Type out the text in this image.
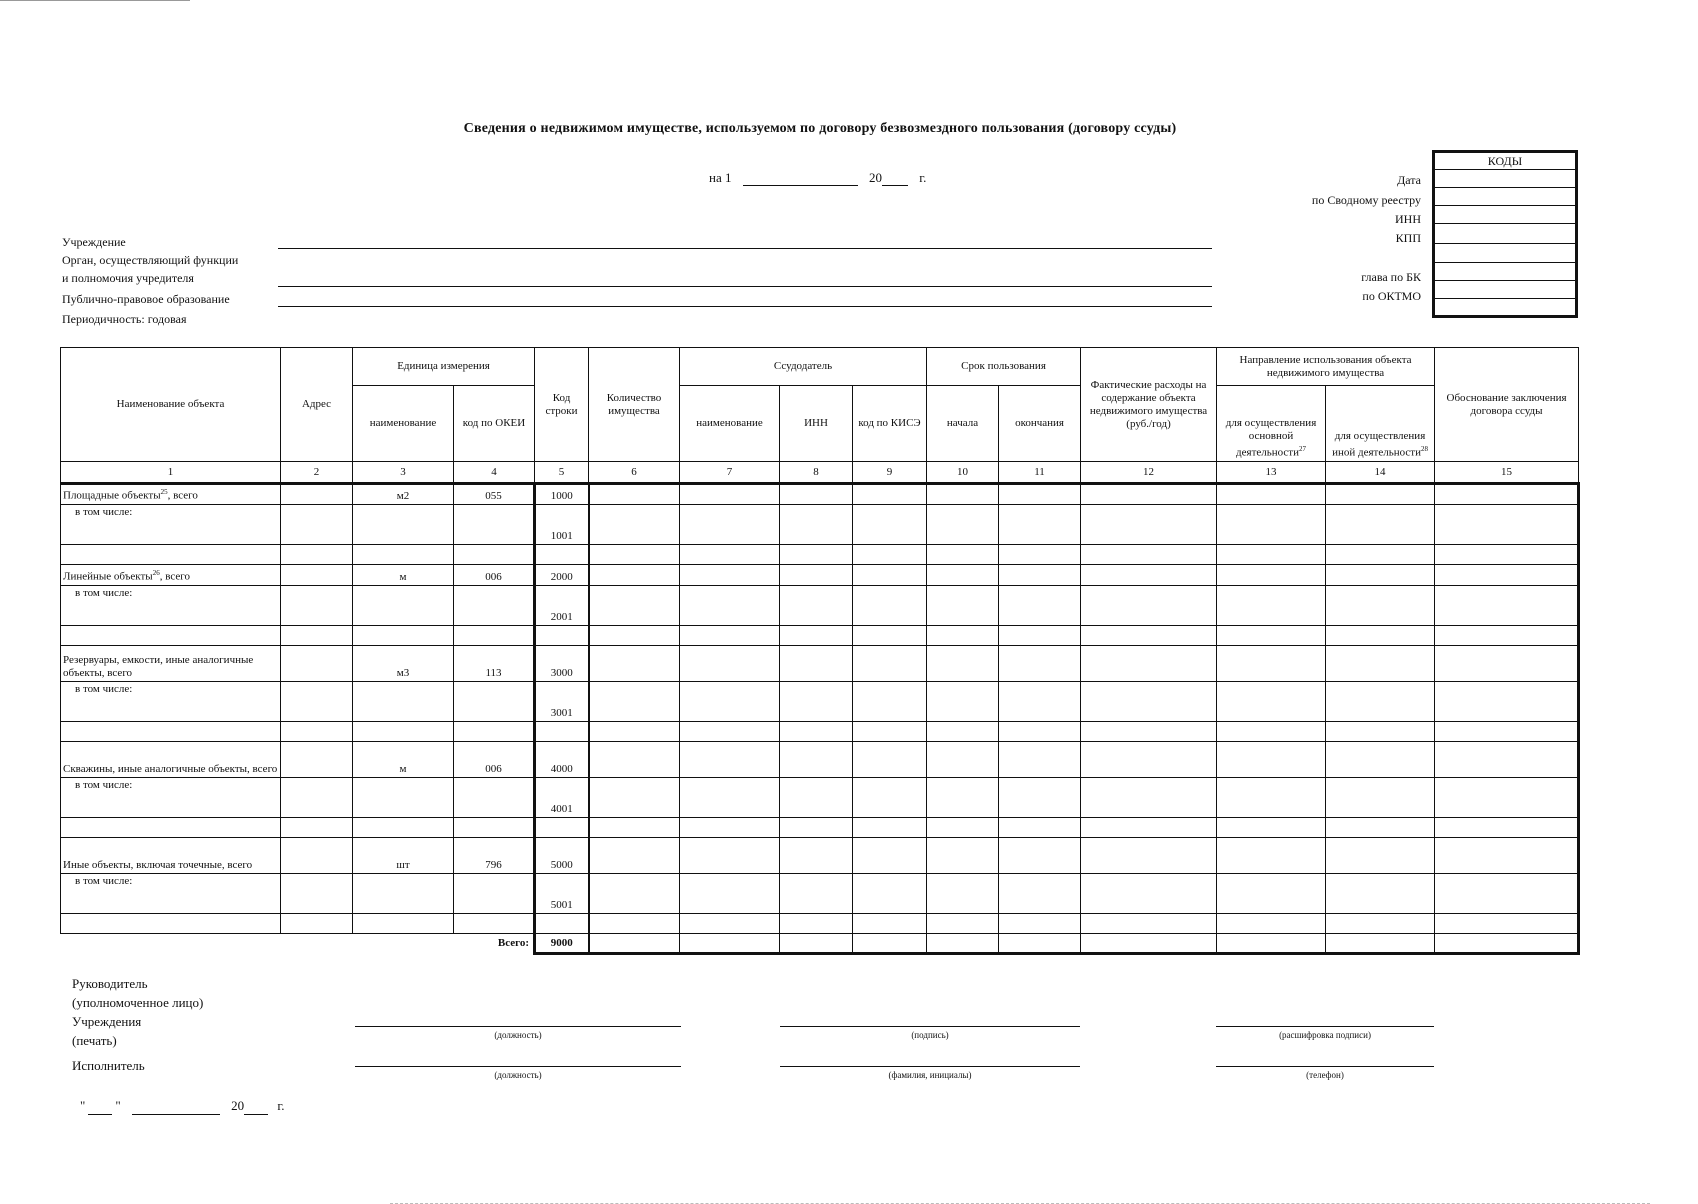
Сведения о недвижимом имуществе, используемом по договору безвозмездного пользования (договору ссуды)
на 1	20	г.
Учреждение
Орган, осуществляющий функции
и полномочия учредителя
Публично-правовое образование
Периодичность: годовая
Дата
по Сводному реестру
ИНН
КПП
глава по БК
по ОКТМО
КОДЫ

Наименование объекта	Адрес	Единица измерения		Код строки	Количество имущества	Ссудодатель			Срок пользования		Фактические расходы на содержание объекта недвижимого имущества (руб./год)	Направление использования объекта недвижимого имущества		Обоснование заключения договора ссуды
		наименование	код по ОКЕИ			наименование	ИНН	код по КИСЭ	начала	окончания		для осуществления основной деятельности$^{27}$	для осуществления иной деятельности$^{28}$
1	2	3	4	5	6	7	8	9	10	11	12	13	14	15
Площадные объекты$^{25}$, всего		м2	055	1000										
в том числе:				1001										

Линейные объекты$^{26}$, всего		м	006	2000										
в том числе:				2001										

Резервуары, емкости, иные аналогичные объекты, всего		м3	113	3000										
в том числе:				3001										

Скважины, иные аналогичные объекты, всего		м	006	4000										
в том числе:				4001										

Иные объекты, включая точечные, всего		шт	796	5000										
в том числе:				5001										

Всего:				9000										
Руководитель
(уполномоченное лицо)
Учреждения
(печать)
Исполнитель
(должность)	(подпись)	(расшифровка подписи)
(должность)	(фамилия, инициалы)	(телефон)
" "	20	г.
